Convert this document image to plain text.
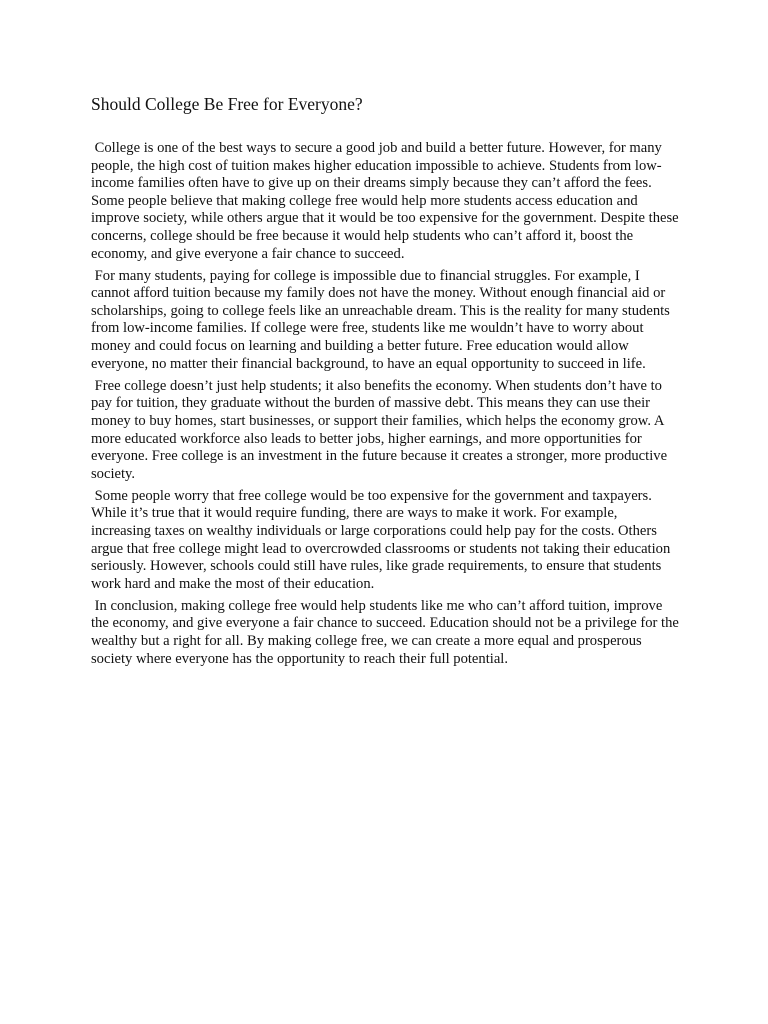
Should College Be Free for Everyone?

College is one of the best ways to secure a good job and build a better future. However, for many people, the high cost of tuition makes higher education impossible to achieve. Students from low-income families often have to give up on their dreams simply because they can’t afford the fees. Some people believe that making college free would help more students access education and improve society, while others argue that it would be too expensive for the government. Despite these concerns, college should be free because it would help students who can’t afford it, boost the economy, and give everyone a fair chance to succeed.

For many students, paying for college is impossible due to financial struggles. For example, I cannot afford tuition because my family does not have the money. Without enough financial aid or scholarships, going to college feels like an unreachable dream. This is the reality for many students from low-income families. If college were free, students like me wouldn’t have to worry about money and could focus on learning and building a better future. Free education would allow everyone, no matter their financial background, to have an equal opportunity to succeed in life.

Free college doesn’t just help students; it also benefits the economy. When students don’t have to pay for tuition, they graduate without the burden of massive debt. This means they can use their money to buy homes, start businesses, or support their families, which helps the economy grow. A more educated workforce also leads to better jobs, higher earnings, and more opportunities for everyone. Free college is an investment in the future because it creates a stronger, more productive society.

Some people worry that free college would be too expensive for the government and taxpayers. While it’s true that it would require funding, there are ways to make it work. For example, increasing taxes on wealthy individuals or large corporations could help pay for the costs. Others argue that free college might lead to overcrowded classrooms or students not taking their education seriously. However, schools could still have rules, like grade requirements, to ensure that students work hard and make the most of their education.

In conclusion, making college free would help students like me who can’t afford tuition, improve the economy, and give everyone a fair chance to succeed. Education should not be a privilege for the wealthy but a right for all. By making college free, we can create a more equal and prosperous society where everyone has the opportunity to reach their full potential.
